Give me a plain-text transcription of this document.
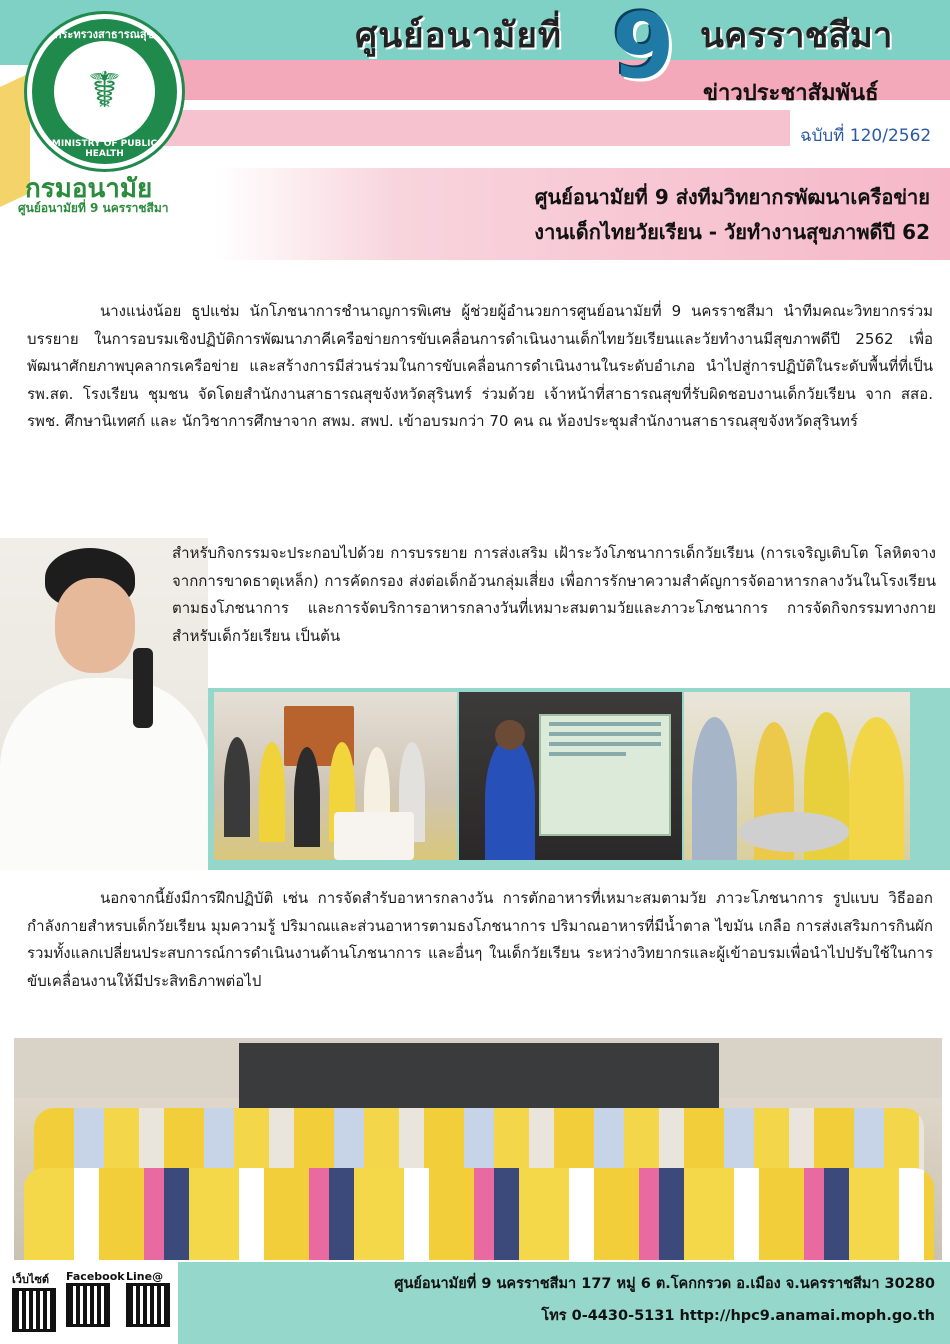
ศูนย์อนามัยที่ 9 นครราชสีมา
ข่าวประชาสัมพันธ์
ฉบับที่ 120/2562
กระทรวงสาธารณสุข
☤
MINISTRY OF PUBLIC HEALTH
กรมอนามัย
ศูนย์อนามัยที่ 9 นครราชสีมา	ศูนย์อนามัยที่ 9 ส่งทีมวิทยากรพัฒนาเครือข่าย
งานเด็กไทยวัยเรียน - วัยทำงานสุขภาพดีปี 62
นางแน่งน้อย ธูปแช่ม นักโภชนาการชำนาญการพิเศษ ผู้ช่วยผู้อำนวยการศูนย์อนามัยที่ 9 นครราชสีมา นำทีมคณะวิทยากรร่วมบรรยาย ในการอบรมเชิงปฏิบัติการพัฒนาภาคีเครือข่ายการขับเคลื่อนการดำเนินงานเด็กไทยวัยเรียนและวัยทำงานมีสุขภาพดีปี 2562 เพื่อพัฒนาศักยภาพบุคลากรเครือข่าย และสร้างการมีส่วนร่วมในการขับเคลื่อนการดำเนินงานในระดับอำเภอ นำไปสู่การปฏิบัติในระดับพื้นที่ที่เป็น รพ.สต. โรงเรียน ชุมชน จัดโดยสำนักงานสาธารณสุขจังหวัดสุรินทร์ ร่วมด้วย เจ้าหน้าที่สาธารณสุขที่รับผิดชอบงานเด็กวัยเรียน จาก สสอ. รพช. ศึกษานิเทศก์ และ นักวิชาการศึกษาจาก สพม. สพป. เข้าอบรมกว่า 70 คน ณ ห้องประชุมสำนักงานสาธารณสุขจังหวัดสุรินทร์
สำหรับกิจกรรมจะประกอบไปด้วย การบรรยาย การส่งเสริม เฝ้าระวังโภชนาการเด็กวัยเรียน (การเจริญเติบโต โลหิตจางจากการขาดธาตุเหล็ก) การคัดกรอง ส่งต่อเด็กอ้วนกลุ่มเสี่ยง เพื่อการรักษาความสำคัญการจัดอาหารกลางวันในโรงเรียนตามธงโภชนาการ และการจัดบริการอาหารกลางวันที่เหมาะสมตามวัยและภาวะโภชนาการ การจัดกิจกรรมทางกายสำหรับเด็กวัยเรียน เป็นต้น
นอกจากนี้ยังมีการฝึกปฏิบัติ เช่น การจัดสำรับอาหารกลางวัน การตักอาหารที่เหมาะสมตามวัย ภาวะโภชนาการ รูปแบบ วิธีออกกำลังกายสำหรบเด็กวัยเรียน มุมความรู้ ปริมาณและส่วนอาหารตามธงโภชนาการ ปริมาณอาหารที่มีน้ำตาล ไขมัน เกลือ การส่งเสริมการกินผัก รวมทั้งแลกเปลี่ยนประสบการณ์การดำเนินงานด้านโภชนาการ และอื่นๆ ในเด็กวัยเรียน ระหว่างวิทยากรและผู้เข้าอบรมเพื่อนำไปปรับใช้ในการขับเคลื่อนงานให้มีประสิทธิภาพต่อไป
เว็บไซต์	Facebook Line@	ศูนย์อนามัยที่ 9 นครราชสีมา 177 หมู่ 6 ต.โคกกรวด อ.เมือง จ.นครราชสีมา 30280
โทร 0-4430-5131 http://hpc9.anamai.moph.go.th
